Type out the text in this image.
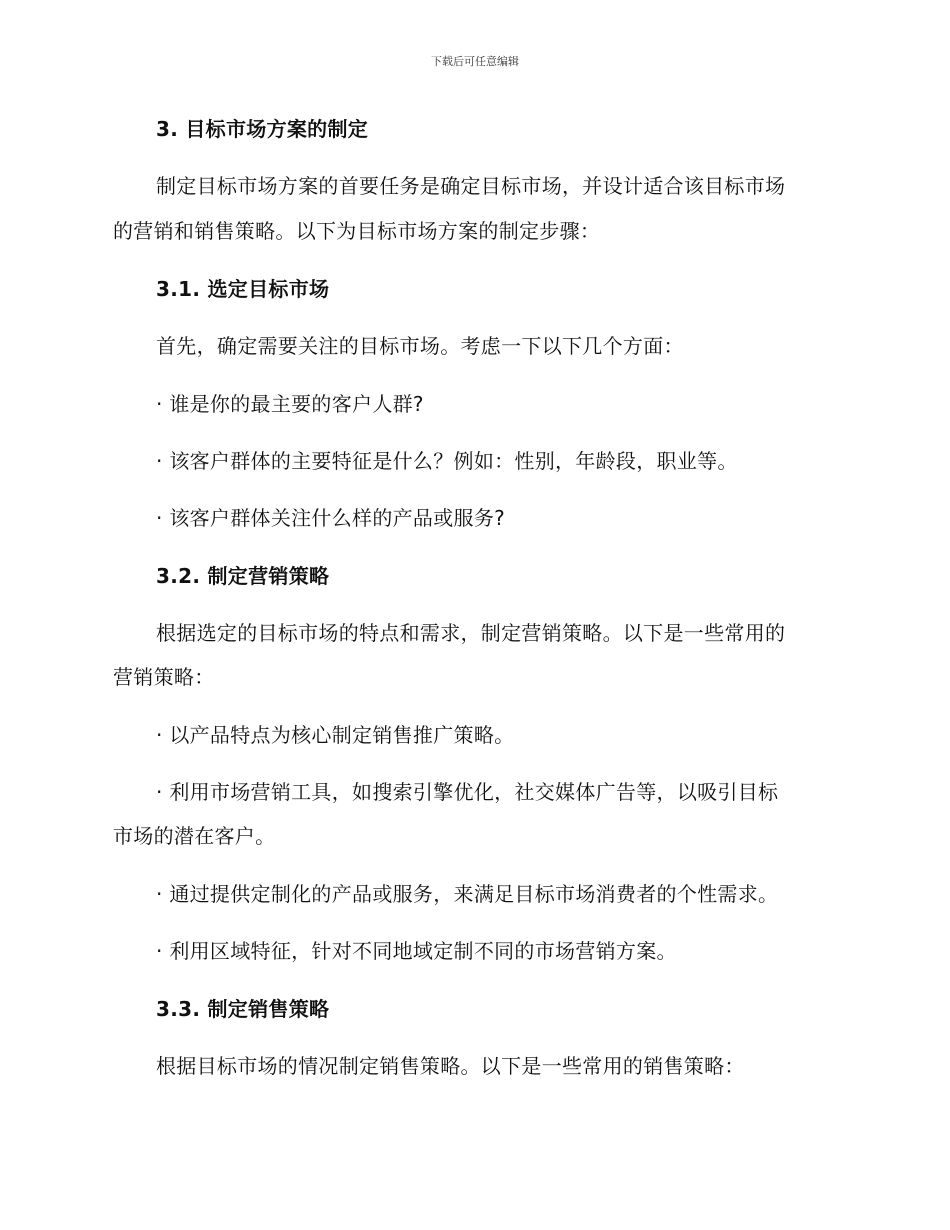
下载后可任意编辑
3. 目标市场方案的制定
制定目标市场方案的首要任务是确定目标市场，并设计适合该目标市场
的营销和销售策略。以下为目标市场方案的制定步骤：
3.1. 选定目标市场
首先，确定需要关注的目标市场。考虑一下以下几个方面：
· 谁是你的最主要的客户人群?
· 该客户群体的主要特征是什么？例如：性别，年龄段，职业等。
· 该客户群体关注什么样的产品或服务?
3.2. 制定营销策略
根据选定的目标市场的特点和需求，制定营销策略。以下是一些常用的
营销策略：
· 以产品特点为核心制定销售推广策略。
· 利用市场营销工具，如搜索引擎优化，社交媒体广告等，以吸引目标
市场的潜在客户。
· 通过提供定制化的产品或服务，来满足目标市场消费者的个性需求。
· 利用区域特征，针对不同地域定制不同的市场营销方案。
3.3. 制定销售策略
根据目标市场的情况制定销售策略。以下是一些常用的销售策略：
